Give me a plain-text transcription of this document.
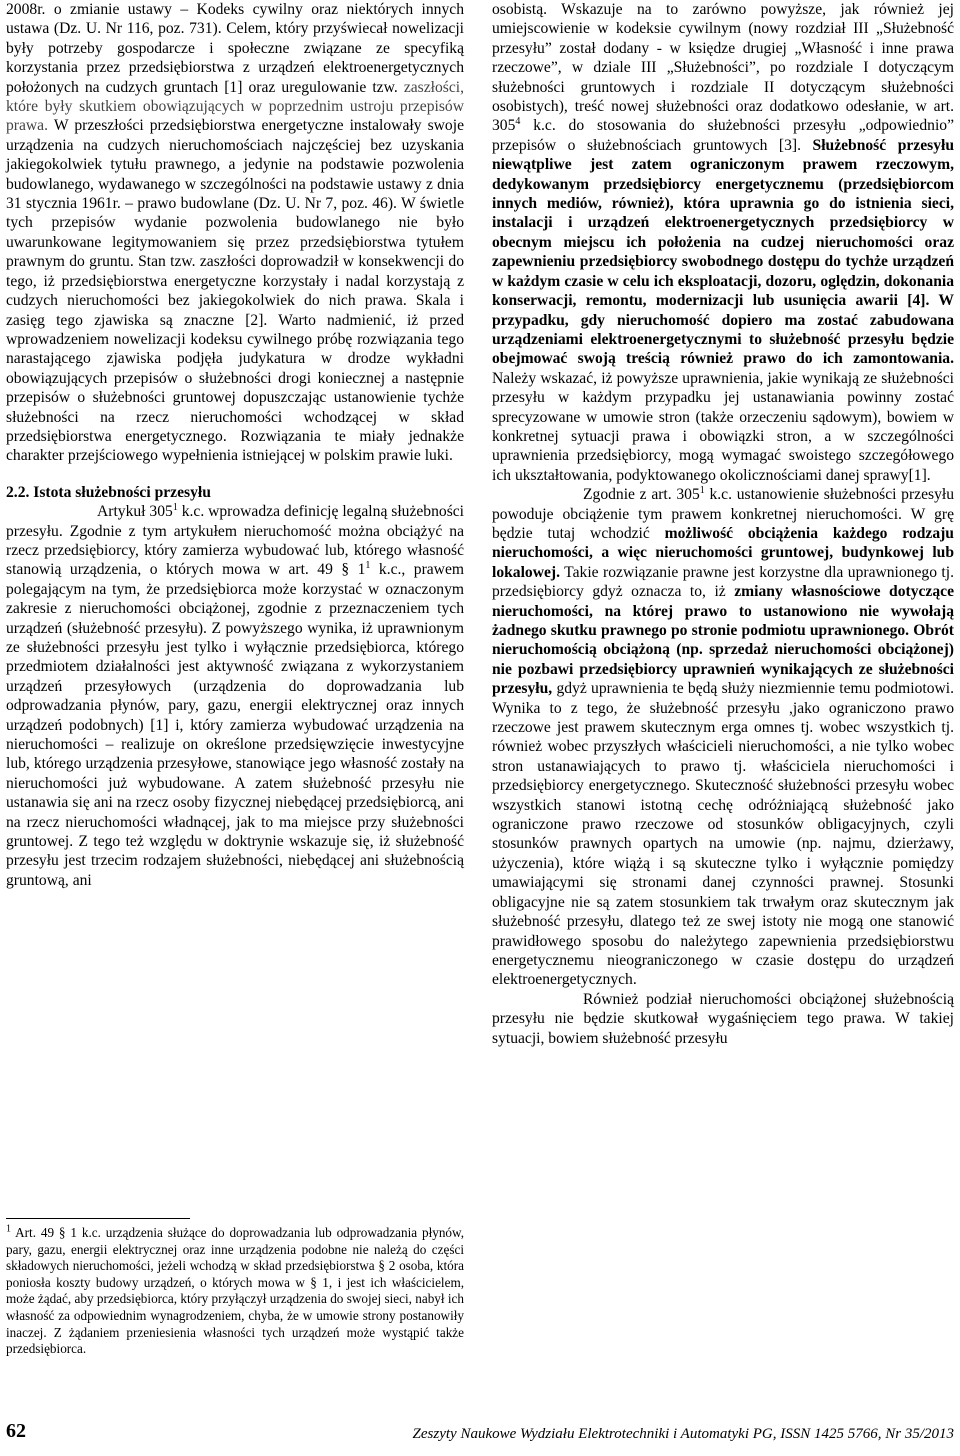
2008r. o zmianie ustawy – Kodeks cywilny oraz niektórych innych ustawa (Dz. U. Nr 116, poz. 731). Celem, który przyświecał nowelizacji były potrzeby gospodarcze i społeczne związane ze specyfiką korzystania przez przedsiębiorstwa z urządzeń elektroenergetycznych położonych na cudzych gruntach [1] oraz uregulowanie tzw. zaszłości, które były skutkiem obowiązujących w poprzednim ustroju przepisów prawa. W przeszłości przedsiębiorstwa energetyczne instalowały swoje urządzenia na cudzych nieruchomościach najczęściej bez uzyskania jakiegokolwiek tytułu prawnego, a jedynie na podstawie pozwolenia budowlanego, wydawanego w szczególności na podstawie ustawy z dnia 31 stycznia 1961r. – prawo budowlane (Dz. U. Nr 7, poz. 46). W świetle tych przepisów wydanie pozwolenia budowlanego nie było uwarunkowane legitymowaniem się przez przedsiębiorstwa tytułem prawnym do gruntu. Stan tzw. zaszłości doprowadził w konsekwencji do tego, iż przedsiębiorstwa energetyczne korzystały i nadal korzystają z cudzych nieruchomości bez jakiegokolwiek do nich prawa. Skala i zasięg tego zjawiska są znaczne [2]. Warto nadmienić, iż przed wprowadzeniem nowelizacji kodeksu cywilnego próbę rozwiązania tego narastającego zjawiska podjęła judykatura w drodze wykładni obowiązujących przepisów o służebności drogi koniecznej a następnie przepisów o służebności gruntowej dopuszczając ustanowienie tychże służebności na rzecz nieruchomości wchodzącej w skład przedsiębiorstwa energetycznego. Rozwiązania te miały jednakże charakter przejściowego wypełnienia istniejącej w polskim prawie luki.

2.2. Istota służebności przesyłu

Artykuł $305^1$ k.c. wprowadza definicję legalną służebności przesyłu. Zgodnie z tym artykułem nieruchomość można obciążyć na rzecz przedsiębiorcy, który zamierza wybudować lub, którego własność stanowią urządzenia, o których mowa w art. 49 § $1^1$ k.c., prawem polegającym na tym, że przedsiębiorca może korzystać w oznaczonym zakresie z nieruchomości obciążonej, zgodnie z przeznaczeniem tych urządzeń (służebność przesyłu). Z powyższego wynika, iż uprawnionym ze służebności przesyłu jest tylko i wyłącznie przedsiębiorca, którego przedmiotem działalności jest aktywność związana z wykorzystaniem urządzeń przesyłowych (urządzenia do doprowadzania lub odprowadzania płynów, pary, gazu, energii elektrycznej oraz innych urządzeń podobnych) [1] i, który zamierza wybudować urządzenia na nieruchomości – realizuje on określone przedsięwzięcie inwestycyjne lub, którego urządzenia przesyłowe, stanowiące jego własność zostały na nieruchomości już wybudowane. A zatem służebność przesyłu nie ustanawia się ani na rzecz osoby fizycznej niebędącej przedsiębiorcą, ani na rzecz nieruchomości władnącej, jak to ma miejsce przy służebności gruntowej. Z tego też względu w doktrynie wskazuje się, iż służebność przesyłu jest trzecim rodzajem służebności, niebędącej ani służebnością gruntową, ani

$^1$ Art. 49 § 1 k.c. urządzenia służące do doprowadzania lub odprowadzania płynów, pary, gazu, energii elektrycznej oraz inne urządzenia podobne nie należą do części składowych nieruchomości, jeżeli wchodzą w skład przedsiębiorstwa § 2 osoba, która poniosła koszty budowy urządzeń, o których mowa w § 1, i jest ich właścicielem, może żądać, aby przedsiębiorca, który przyłączył urządzenia do swojej sieci, nabył ich własność za odpowiednim wynagrodzeniem, chyba, że w umowie strony postanowiły inaczej. Z żądaniem przeniesienia własności tych urządzeń może wystąpić także przedsiębiorca.

osobistą. Wskazuje na to zarówno powyższe, jak również jej umiejscowienie w kodeksie cywilnym (nowy rozdział III „Służebność przesyłu” został dodany - w księdze drugiej „Własność i inne prawa rzeczowe”, w dziale III „Służebności”, po rozdziale I dotyczącym służebności gruntowych i rozdziale II dotyczącym służebności osobistych), treść nowej służebności oraz dodatkowo odesłanie, w art. $305^4$ k.c. do stosowania do służebności przesyłu „odpowiednio” przepisów o służebnościach gruntowych [3]. Służebność przesyłu niewątpliwe jest zatem ograniczonym prawem rzeczowym, dedykowanym przedsiębiorcy energetycznemu (przedsiębiorcom innych mediów, również), która uprawnia go do istnienia sieci, instalacji i urządzeń elektroenergetycznych przedsiębiorcy w obecnym miejscu ich położenia na cudzej nieruchomości oraz zapewnieniu przedsiębiorcy swobodnego dostępu do tychże urządzeń w każdym czasie w celu ich eksploatacji, dozoru, oględzin, dokonania konserwacji, remontu, modernizacji lub usunięcia awarii [4]. W przypadku, gdy nieruchomość dopiero ma zostać zabudowana urządzeniami elektroenergetycznymi to służebność przesyłu będzie obejmować swoją treścią również prawo do ich zamontowania. Należy wskazać, iż powyższe uprawnienia, jakie wynikają ze służebności przesyłu w każdym przypadku jej ustanawiania powinny zostać sprecyzowane w umowie stron (także orzeczeniu sądowym), bowiem w konkretnej sytuacji prawa i obowiązki stron, a w szczególności uprawnienia przedsiębiorcy, mogą wymagać swoistego szczegółowego ich ukształtowania, podyktowanego okolicznościami danej sprawy[1].

Zgodnie z art. $305^1$ k.c. ustanowienie służebności przesyłu powoduje obciążenie tym prawem konkretnej nieruchomości. W grę będzie tutaj wchodzić możliwość obciążenia każdego rodzaju nieruchomości, a więc nieruchomości gruntowej, budynkowej lub lokalowej. Takie rozwiązanie prawne jest korzystne dla uprawnionego tj. przedsiębiorcy gdyż oznacza to, iż zmiany własnościowe dotyczące nieruchomości, na której prawo to ustanowiono nie wywołają żadnego skutku prawnego po stronie podmiotu uprawnionego. Obrót nieruchomością obciążoną (np. sprzedaż nieruchomości obciążonej) nie pozbawi przedsiębiorcy uprawnień wynikających ze służebności przesyłu, gdyż uprawnienia te będą służy niezmiennie temu podmiotowi. Wynika to z tego, że służebność przesyłu ,jako ograniczono prawo rzeczowe jest prawem skutecznym erga omnes tj. wobec wszystkich tj. również wobec przyszłych właścicieli nieruchomości, a nie tylko wobec stron ustanawiających to prawo tj. właściciela nieruchomości i przedsiębiorcy energetycznego. Skuteczność służebności przesyłu wobec wszystkich stanowi istotną cechę odróżniającą służebność jako ograniczone prawo rzeczowe od stosunków obligacyjnych, czyli stosunków prawnych opartych na umowie (np. najmu, dzierżawy, użyczenia), które wiążą i są skuteczne tylko i wyłącznie pomiędzy umawiającymi się stronami danej czynności prawnej. Stosunki obligacyjne nie są zatem stosunkiem tak trwałym oraz skutecznym jak służebność przesyłu, dlatego też ze swej istoty nie mogą one stanowić prawidłowego sposobu do należytego zapewnienia przedsiębiorstwu energetycznemu nieograniczonego w czasie dostępu do urządzeń elektroenergetycznych.

Również podział nieruchomości obciążonej służebnością przesyłu nie będzie skutkował wygaśnięciem tego prawa. W takiej sytuacji, bowiem służebność przesyłu

62	Zeszyty Naukowe Wydziału Elektrotechniki i Automatyki PG, ISSN 1425 5766, Nr 35/2013
